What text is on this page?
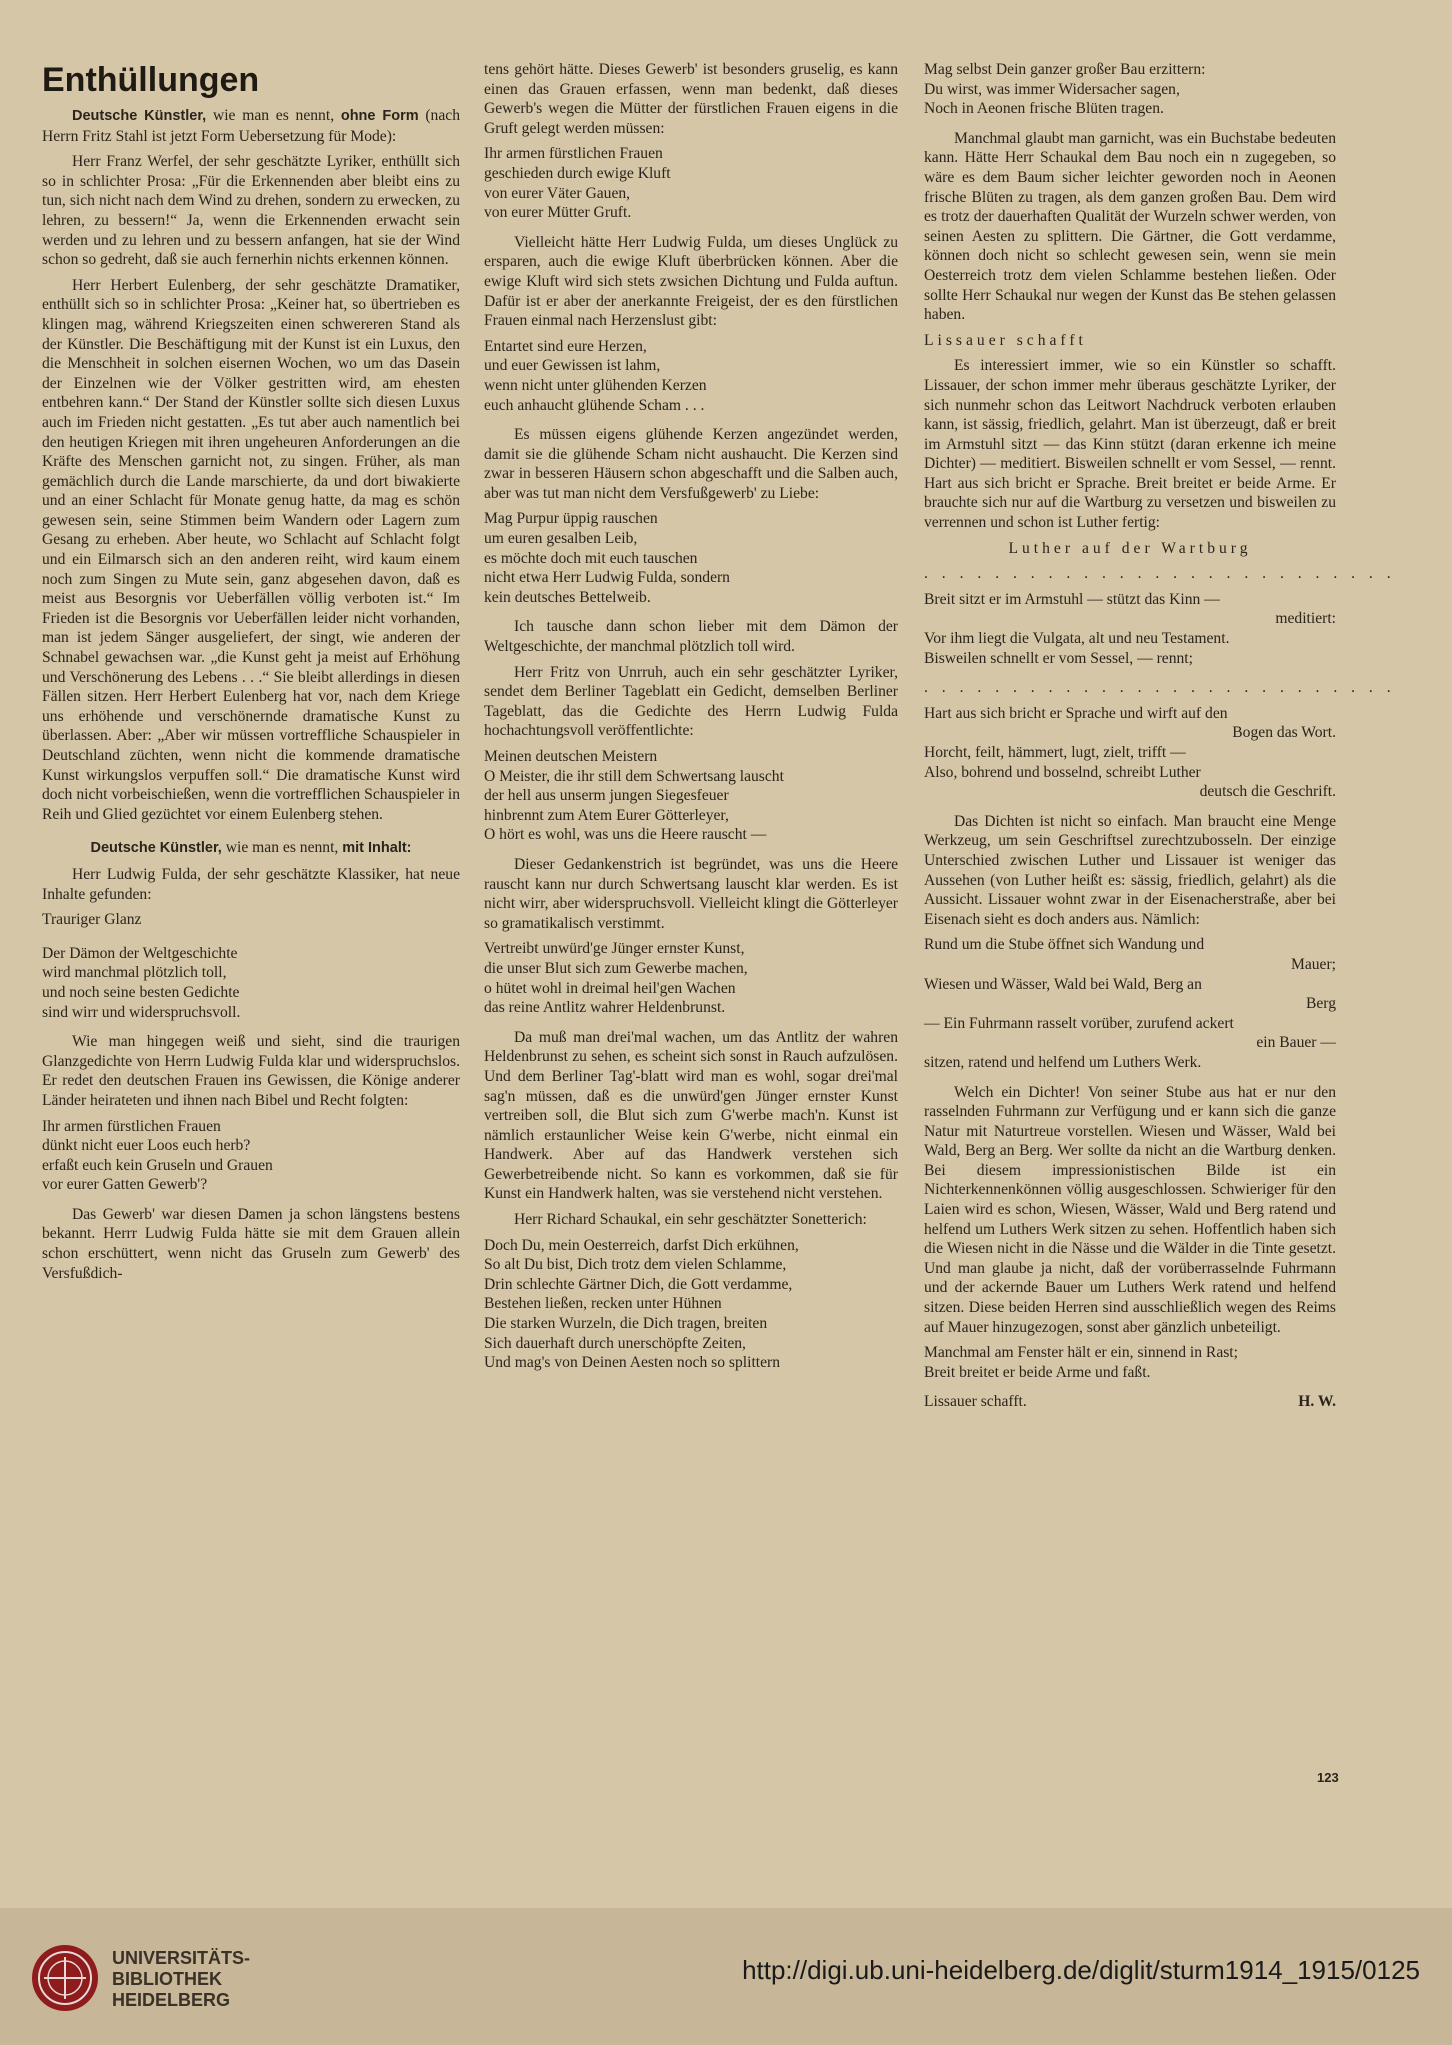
Enthüllungen

Deutsche Künstler, wie man es nennt, ohne Form (nach Herrn Fritz Stahl ist jetzt Form Uebersetzung für Mode):

Herr Franz Werfel, der sehr geschätzte Lyriker, enthüllt sich so in schlichter Prosa: „Für die Erkennenden aber bleibt eins zu tun, sich nicht nach dem Wind zu drehen, sondern zu erwecken, zu lehren, zu bessern!“ Ja, wenn die Erkennenden erwacht sein werden und zu lehren und zu bessern anfangen, hat sie der Wind schon so gedreht, daß sie auch fernerhin nichts erkennen können.

Herr Herbert Eulenberg, der sehr geschätzte Dramatiker, enthüllt sich so in schlichter Prosa: „Keiner hat, so übertrieben es klingen mag, während Kriegszeiten einen schwereren Stand als der Künstler. Die Beschäftigung mit der Kunst ist ein Luxus, den die Menschheit in solchen eisernen Wochen, wo um das Dasein der Einzelnen wie der Völker gestritten wird, am ehesten entbehren kann.“ Der Stand der Künstler sollte sich diesen Luxus auch im Frieden nicht gestatten. „Es tut aber auch namentlich bei den heutigen Kriegen mit ihren ungeheuren Anforderungen an die Kräfte des Menschen garnicht not, zu singen. Früher, als man gemächlich durch die Lande marschierte, da und dort biwakierte und an einer Schlacht für Monate genug hatte, da mag es schön gewesen sein, seine Stimmen beim Wandern oder Lagern zum Gesang zu erheben. Aber heute, wo Schlacht auf Schlacht folgt und ein Eilmarsch sich an den anderen reiht, wird kaum einem noch zum Singen zu Mute sein, ganz abgesehen davon, daß es meist aus Besorgnis vor Ueberfällen völlig verboten ist.“ Im Frieden ist die Besorgnis vor Ueberfällen leider nicht vorhanden, man ist jedem Sänger ausgeliefert, der singt, wie anderen der Schnabel gewachsen war. „die Kunst geht ja meist auf Erhöhung und Verschönerung des Lebens . . .“ Sie bleibt allerdings in diesen Fällen sitzen. Herr Herbert Eulenberg hat vor, nach dem Kriege uns erhöhende und verschönernde dramatische Kunst zu überlassen. Aber: „Aber wir müssen vortreffliche Schauspieler in Deutschland züchten, wenn nicht die kommende dramatische Kunst wirkungslos verpuffen soll.“ Die dramatische Kunst wird doch nicht vorbeischießen, wenn die vortrefflichen Schauspieler in Reih und Glied gezüchtet vor einem Eulenberg stehen.

Deutsche Künstler, wie man es nennt, mit Inhalt:

Herr Ludwig Fulda, der sehr geschätzte Klassiker, hat neue Inhalte gefunden:

Trauriger Glanz
Der Dämon der Weltgeschichte
wird manchmal plötzlich toll,
und noch seine besten Gedichte
sind wirr und widerspruchsvoll.

Wie man hingegen weiß und sieht, sind die traurigen Glanzgedichte von Herrn Ludwig Fulda klar und widerspruchslos. Er redet den deutschen Frauen ins Gewissen, die Könige anderer Länder heirateten und ihnen nach Bibel und Recht folgten:

Ihr armen fürstlichen Frauen
dünkt nicht euer Loos euch herb?
erfaßt euch kein Gruseln und Grauen
vor eurer Gatten Gewerb'?

Das Gewerb' war diesen Damen ja schon längstens bestens bekannt. Herrr Ludwig Fulda hätte sie mit dem Grauen allein schon erschüttert, wenn nicht das Gruseln zum Gewerb' des Versfußdich-

tens gehört hätte. Dieses Gewerb' ist besonders gruselig, es kann einen das Grauen erfassen, wenn man bedenkt, daß dieses Gewerb's wegen die Mütter der fürstlichen Frauen eigens in die Gruft gelegt werden müssen:

Ihr armen fürstlichen Frauen
geschieden durch ewige Kluft
von eurer Väter Gauen,
von eurer Mütter Gruft.

Vielleicht hätte Herr Ludwig Fulda, um dieses Unglück zu ersparen, auch die ewige Kluft überbrücken können. Aber die ewige Kluft wird sich stets zwsichen Dichtung und Fulda auftun. Dafür ist er aber der anerkannte Freigeist, der es den fürstlichen Frauen einmal nach Herzenslust gibt:

Entartet sind eure Herzen,
und euer Gewissen ist lahm,
wenn nicht unter glühenden Kerzen
euch anhaucht glühende Scham . . .

Es müssen eigens glühende Kerzen angezündet werden, damit sie die glühende Scham nicht aushaucht. Die Kerzen sind zwar in besseren Häusern schon abgeschafft und die Salben auch, aber was tut man nicht dem Versfußgewerb' zu Liebe:

Mag Purpur üppig rauschen
um euren gesalben Leib,
es möchte doch mit euch tauschen
nicht etwa Herr Ludwig Fulda, sondern
kein deutsches Bettelweib.

Ich tausche dann schon lieber mit dem Dämon der Weltgeschichte, der manchmal plötzlich toll wird.

Herr Fritz von Unrruh, auch ein sehr geschätzter Lyriker, sendet dem Berliner Tageblatt ein Gedicht, demselben Berliner Tageblatt, das die Gedichte des Herrn Ludwig Fulda hochachtungsvoll veröffentlichte:

Meinen deutschen Meistern
O Meister, die ihr still dem Schwertsang lauscht
der hell aus unserm jungen Siegesfeuer
hinbrennt zum Atem Eurer Götterleyer,
O hört es wohl, was uns die Heere rauscht —

Dieser Gedankenstrich ist begründet, was uns die Heere rauscht kann nur durch Schwertsang lauscht klar werden. Es ist nicht wirr, aber widerspruchsvoll. Vielleicht klingt die Götterleyer so gramatikalisch verstimmt.

Vertreibt unwürd'ge Jünger ernster Kunst,
die unser Blut sich zum Gewerbe machen,
o hütet wohl in dreimal heil'gen Wachen
das reine Antlitz wahrer Heldenbrunst.

Da muß man drei'mal wachen, um das Antlitz der wahren Heldenbrunst zu sehen, es scheint sich sonst in Rauch aufzulösen. Und dem Berliner Tag'-blatt wird man es wohl, sogar drei'mal sag'n müssen, daß es die unwürd'gen Jünger ernster Kunst vertreiben soll, die Blut sich zum G'werbe mach'n. Kunst ist nämlich erstaunlicher Weise kein G'werbe, nicht einmal ein Handwerk. Aber auf das Handwerk verstehen sich Gewerbetreibende nicht. So kann es vorkommen, daß sie für Kunst ein Handwerk halten, was sie verstehend nicht verstehen.

Herr Richard Schaukal, ein sehr geschätzter Sonetterich:

Doch Du, mein Oesterreich, darfst Dich erkühnen,
So alt Du bist, Dich trotz dem vielen Schlamme,
Drin schlechte Gärtner Dich, die Gott verdamme,
Bestehen ließen, recken unter Hühnen
Die starken Wurzeln, die Dich tragen, breiten
Sich dauerhaft durch unerschöpfte Zeiten,
Und mag's von Deinen Aesten noch so splittern
Mag selbst Dein ganzer großer Bau erzittern:
Du wirst, was immer Widersacher sagen,
Noch in Aeonen frische Blüten tragen.

Manchmal glaubt man garnicht, was ein Buchstabe bedeuten kann. Hätte Herr Schaukal dem Bau noch ein n zugegeben, so wäre es dem Baum sicher leichter geworden noch in Aeonen frische Blüten zu tragen, als dem ganzen großen Bau. Dem wird es trotz der dauerhaften Qualität der Wurzeln schwer werden, von seinen Aesten zu splittern. Die Gärtner, die Gott verdamme, können doch nicht so schlecht gewesen sein, wenn sie mein Oesterreich trotz dem vielen Schlamme bestehen ließen. Oder sollte Herr Schaukal nur wegen der Kunst das Be stehen gelassen haben.

Lissauer schafft

Es interessiert immer, wie so ein Künstler so schafft. Lissauer, der schon immer mehr überaus geschätzte Lyriker, der sich nunmehr schon das Leitwort Nachdruck verboten erlauben kann, ist sässig, friedlich, gelahrt. Man ist überzeugt, daß er breit im Armstuhl sitzt — das Kinn stützt (daran erkenne ich meine Dichter) — meditiert. Bisweilen schnellt er vom Sessel, — rennt. Hart aus sich bricht er Sprache. Breit breitet er beide Arme. Er brauchte sich nur auf die Wartburg zu versetzen und bisweilen zu verrennen und schon ist Luther fertig:

Luther auf der Wartburg
. . . . . . . . . . . . . . . . . . . . . . . . . . .
Breit sitzt er im Armstuhl — stützt das Kinn —
meditiert:
Vor ihm liegt die Vulgata, alt und neu Testament.
Bisweilen schnellt er vom Sessel, — rennt;
. . . . . . . . . . . . . . . . . . . . . . . . . . .
Hart aus sich bricht er Sprache und wirft auf den
Bogen das Wort.
Horcht, feilt, hämmert, lugt, zielt, trifft —
Also, bohrend und bosselnd, schreibt Luther
deutsch die Geschrift.

Das Dichten ist nicht so einfach. Man braucht eine Menge Werkzeug, um sein Geschriftsel zurechtzubosseln. Der einzige Unterschied zwischen Luther und Lissauer ist weniger das Aussehen (von Luther heißt es: sässig, friedlich, gelahrt) als die Aussicht. Lissauer wohnt zwar in der Eisenacherstraße, aber bei Eisenach sieht es doch anders aus. Nämlich:

Rund um die Stube öffnet sich Wandung und
Mauer;
Wiesen und Wässer, Wald bei Wald, Berg an
Berg
— Ein Fuhrmann rasselt vorüber, zurufend ackert
ein Bauer —
sitzen, ratend und helfend um Luthers Werk.

Welch ein Dichter! Von seiner Stube aus hat er nur den rasselnden Fuhrmann zur Verfügung und er kann sich die ganze Natur mit Naturtreue vorstellen. Wiesen und Wässer, Wald bei Wald, Berg an Berg. Wer sollte da nicht an die Wartburg denken. Bei diesem impressionistischen Bilde ist ein Nichterkennenkönnen völlig ausgeschlossen. Schwieriger für den Laien wird es schon, Wiesen, Wässer, Wald und Berg ratend und helfend um Luthers Werk sitzen zu sehen. Hoffentlich haben sich die Wiesen nicht in die Nässe und die Wälder in die Tinte gesetzt. Und man glaube ja nicht, daß der vorüberrasselnde Fuhrmann und der ackernde Bauer um Luthers Werk ratend und helfend sitzen. Diese beiden Herren sind ausschließlich wegen des Reims auf Mauer hinzugezogen, sonst aber gänzlich unbeteiligt.

Manchmal am Fenster hält er ein, sinnend in Rast;
Breit breitet er beide Arme und faßt.
Lissauer schafft.	H. W.
123
UNIVERSITÄTS-
BIBLIOTHEK
HEIDELBERG
http://digi.ub.uni-heidelberg.de/diglit/sturm1914_1915/0125
